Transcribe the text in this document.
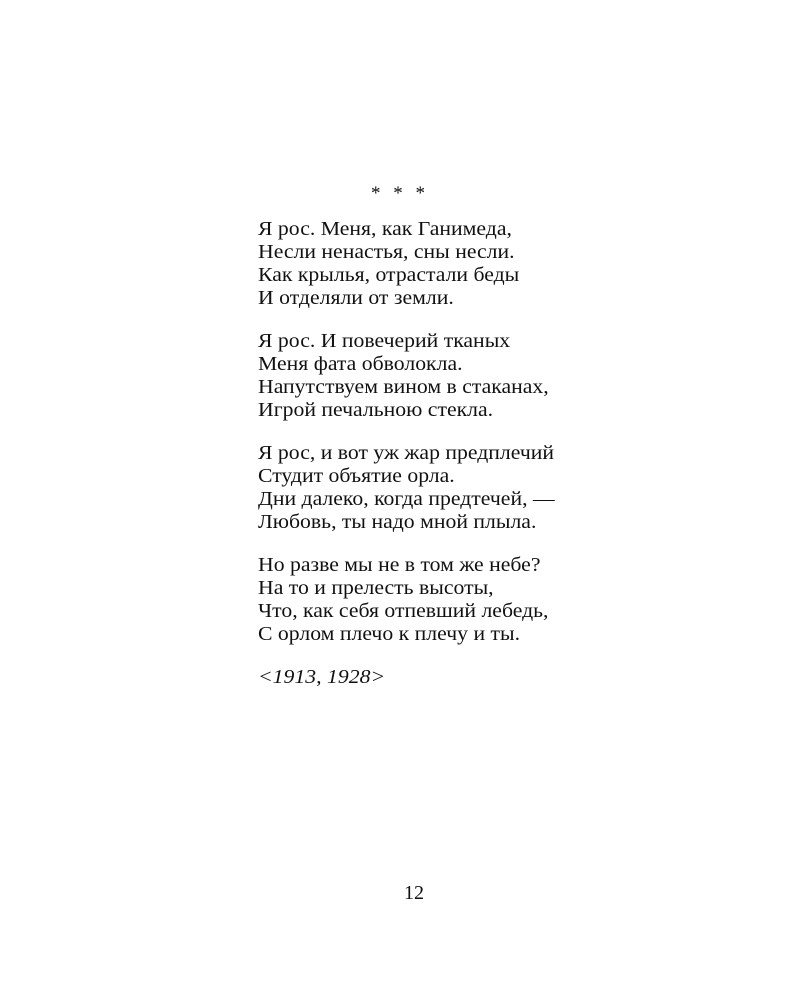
* * *
Я рос. Меня, как Ганимеда,
Несли ненастья, сны несли.
Как крылья, отрастали беды
И отделяли от земли.
Я рос. И повечерий тканых
Меня фата обволокла.
Напутствуем вином в стаканах,
Игрой печальною стекла.
Я рос, и вот уж жар предплечий
Студит объятие орла.
Дни далеко, когда предтечей, —
Любовь, ты надо мной плыла.
Но разве мы не в том же небе?
На то и прелесть высоты,
Что, как себя отпевший лебедь,
С орлом плечо к плечу и ты.
<1913, 1928>
12
